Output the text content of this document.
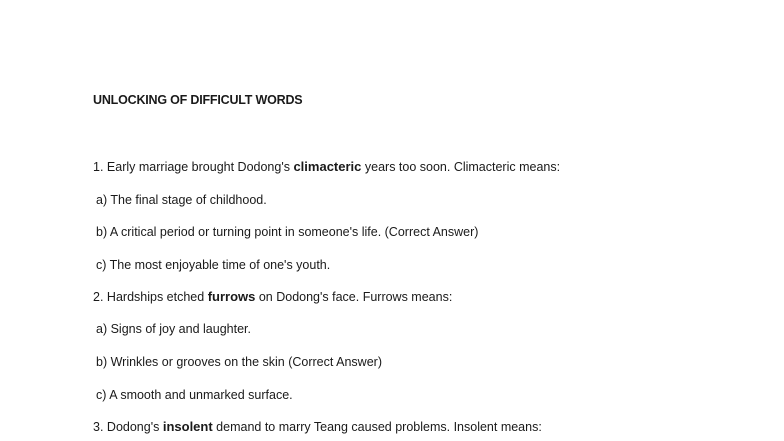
UNLOCKING OF DIFFICULT WORDS
1. Early marriage brought Dodong's climacteric years too soon. Climacteric means:
a) The final stage of childhood.
b) A critical period or turning point in someone's life. (Correct Answer)
c) The most enjoyable time of one's youth.
2. Hardships etched furrows on Dodong's face. Furrows means:
a) Signs of joy and laughter.
b) Wrinkles or grooves on the skin (Correct Answer)
c) A smooth and unmarked surface.
3. Dodong's insolent demand to marry Teang caused problems. Insolent means:
